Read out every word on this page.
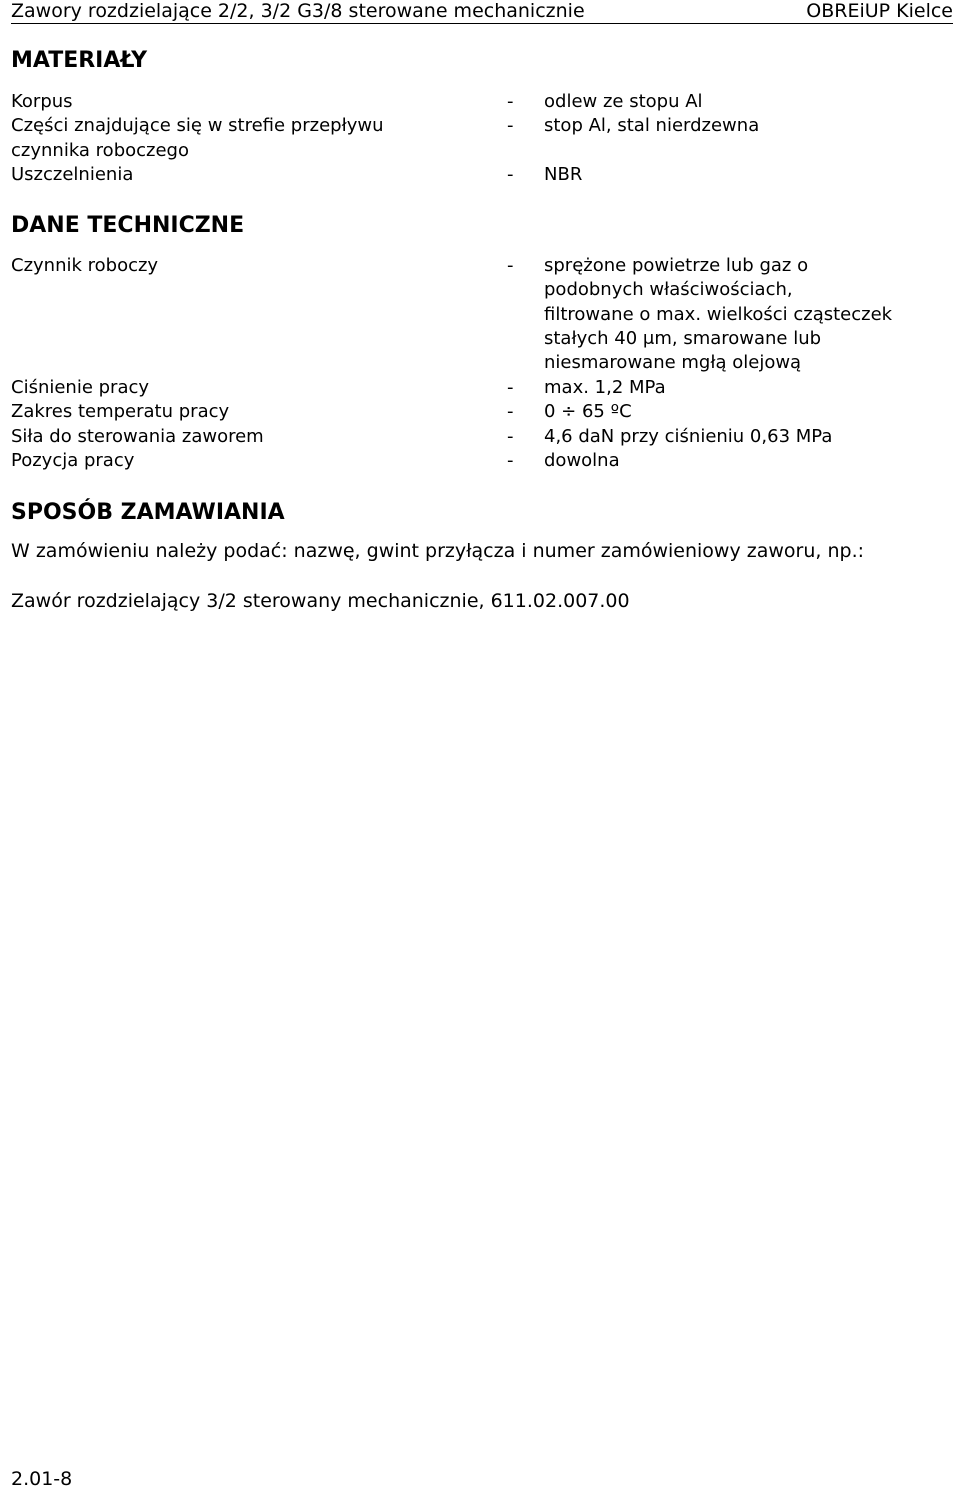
Zawory rozdzielające 2/2, 3/2 G3/8 sterowane mechanicznie	OBREiUP Kielce
MATERIAŁY
Korpus	- odlew ze stopu Al
Części znajdujące się w strefie przepływu	- stop Al, stal nierdzewna
czynnika roboczego
Uszczelnienia	- NBR
DANE TECHNICZNE
Czynnik roboczy	- sprężone powietrze lub gaz o
podobnych właściwościach,
filtrowane o max. wielkości cząsteczek
stałych 40 μm, smarowane lub
niesmarowane mgłą olejową
Ciśnienie pracy	- max. 1,2 MPa
Zakres temperatu pracy	- 0 ÷ 65 ºC
Siła do sterowania zaworem	- 4,6 daN przy ciśnieniu 0,63 MPa
Pozycja pracy	- dowolna
SPOSÓB ZAMAWIANIA
W zamówieniu należy podać: nazwę, gwint przyłącza i numer zamówieniowy zaworu, np.:
Zawór rozdzielający 3/2 sterowany mechanicznie, 611.02.007.00
2.01-8
